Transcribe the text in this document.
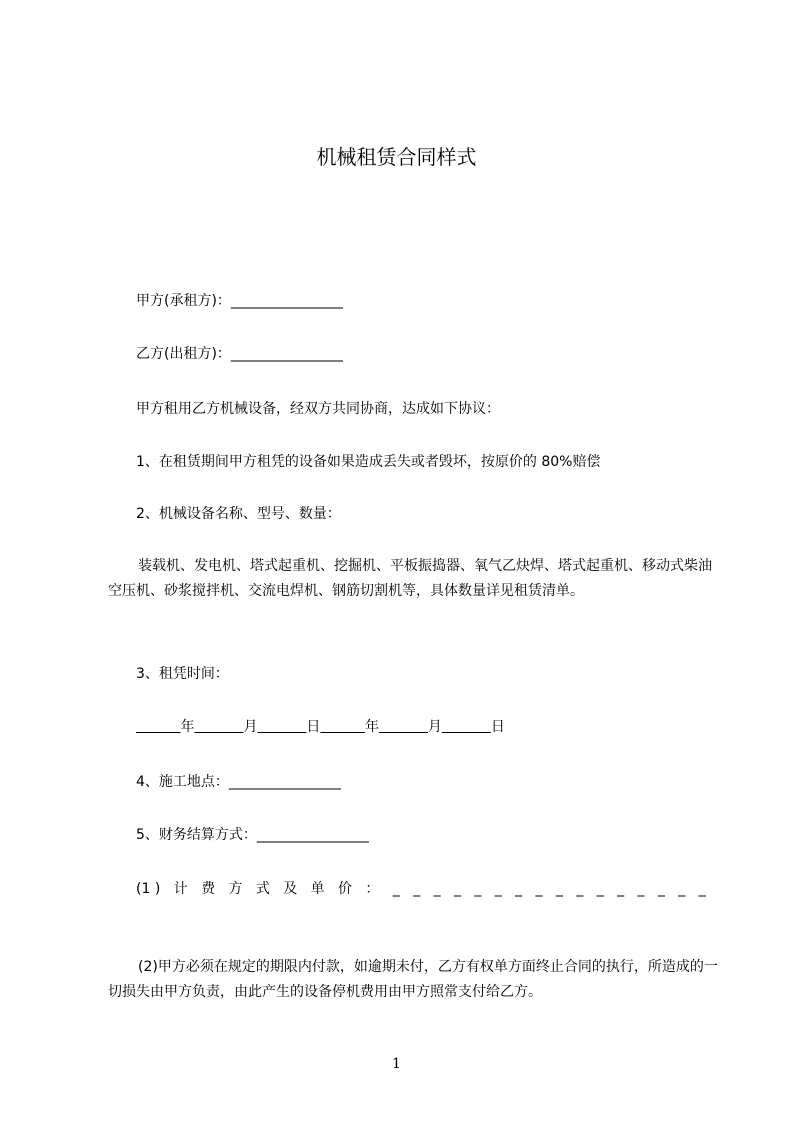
机械租赁合同样式
甲方(承租方)：________________
乙方(出租方)：________________
甲方租用乙方机械设备，经双方共同协商，达成如下协议：
1、在租赁期间甲方租凭的设备如果造成丢失或者毁坏，按原价的 80%赔偿
2、机械设备名称、型号、数量：
装载机、发电机、塔式起重机、挖掘机、平板振捣器、氧气乙炔焊、塔式起重机、移动式柴油空压机、砂浆搅拌机、交流电焊机、钢筋切割机等，具体数量详见租赁清单。
3、租凭时间：
年	月	日	年	月	日
4、施工地点：________________
5、财务结算方式：________________
(1 ) 计 费 方 式 及 单 价 ： _ _ _ _ _ _ _ _ _ _ _ _ _ _ _ _
(2)甲方必须在规定的期限内付款，如逾期未付，乙方有权单方面终止合同的执行，所造成的一切损失由甲方负责，由此产生的设备停机费用由甲方照常支付给乙方。
1
